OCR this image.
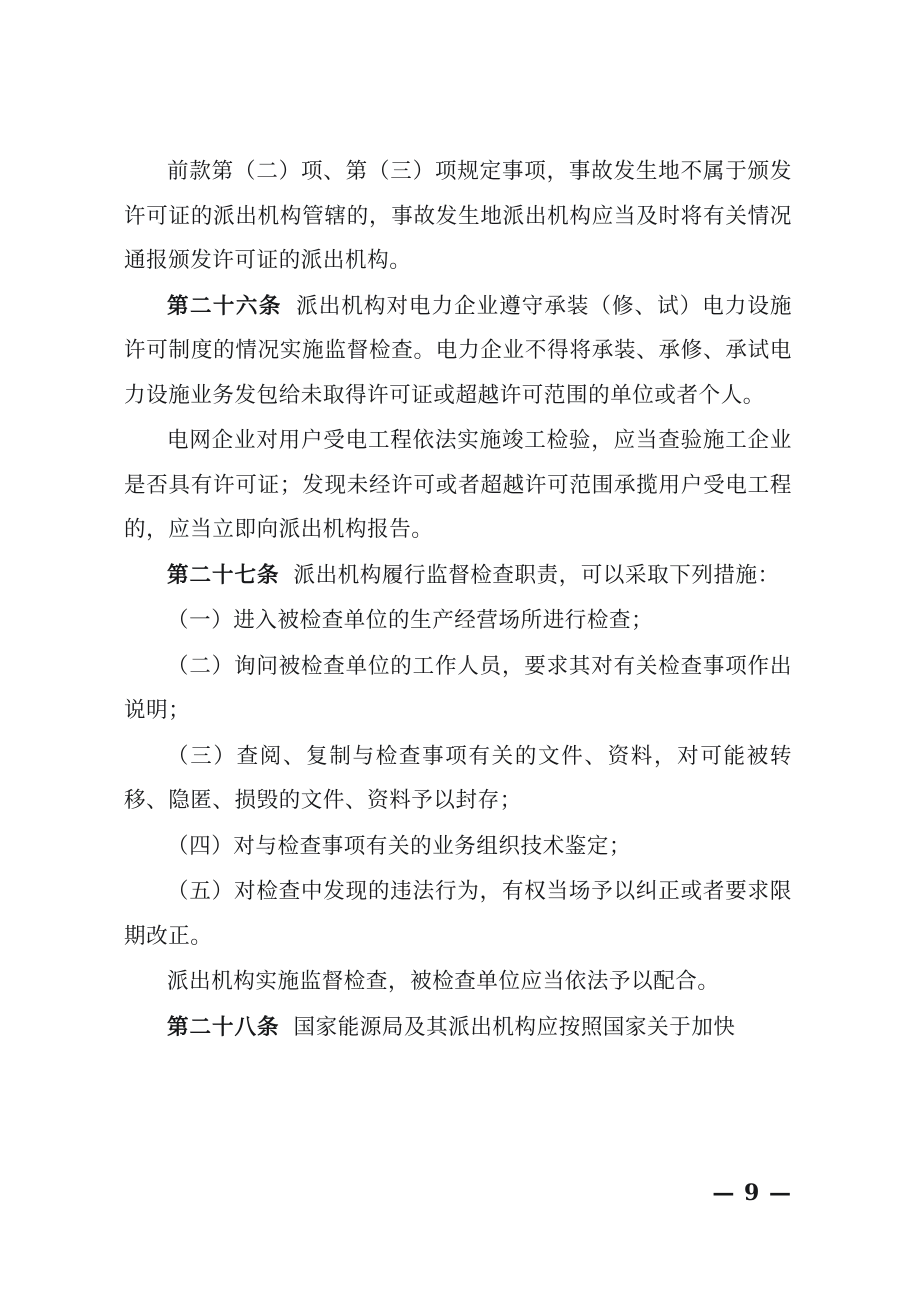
前款第（二）项、第（三）项规定事项，事故发生地不属于颁发许可证的派出机构管辖的，事故发生地派出机构应当及时将有关情况通报颁发许可证的派出机构。

第二十六条 派出机构对电力企业遵守承装（修、试）电力设施许可制度的情况实施监督检查。电力企业不得将承装、承修、承试电力设施业务发包给未取得许可证或超越许可范围的单位或者个人。

电网企业对用户受电工程依法实施竣工检验，应当查验施工企业是否具有许可证；发现未经许可或者超越许可范围承揽用户受电工程的，应当立即向派出机构报告。

第二十七条 派出机构履行监督检查职责，可以采取下列措施：

（一）进入被检查单位的生产经营场所进行检查；

（二）询问被检查单位的工作人员，要求其对有关检查事项作出说明；

（三）查阅、复制与检查事项有关的文件、资料，对可能被转移、隐匿、损毁的文件、资料予以封存；

（四）对与检查事项有关的业务组织技术鉴定；

（五）对检查中发现的违法行为，有权当场予以纠正或者要求限期改正。

派出机构实施监督检查，被检查单位应当依法予以配合。

第二十八条 国家能源局及其派出机构应按照国家关于加快

— 9 —
